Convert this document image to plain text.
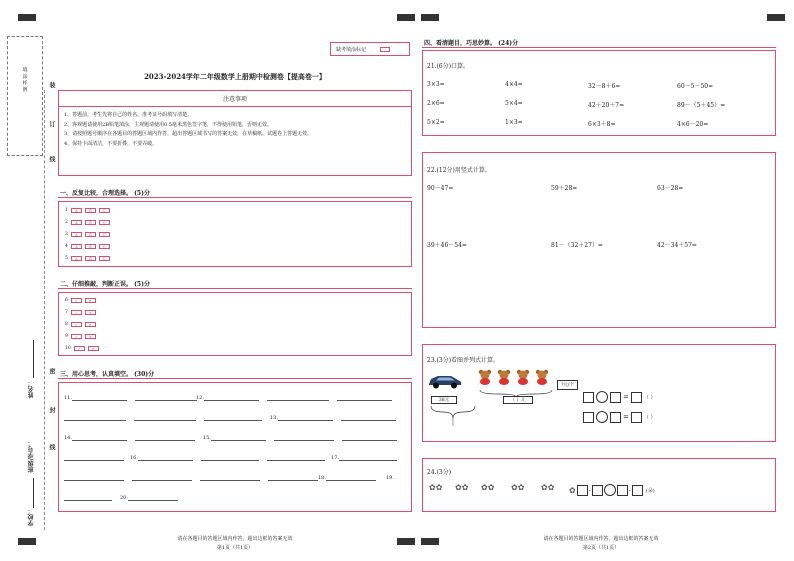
填 涂 样 例	装
订
线
密
封
线
姓名：
班级/学号：
学校：
缺考填涂标记
2023-2024学年二年级数学上册期中检测卷【提高卷一】
注意事项
1、答题前，考生先将自己的姓名、准考证号码填写清楚。
2、客观题请使用2B铅笔填涂，主观题请使用0.5毫米黑色签字笔，不得使用铅笔，否则无效。
3、请按照题号顺序在各题目的答题区域内作答，超出答题区域书写的答案无效，在草稿纸、试题卷上答题无效。
4、保持卡面清洁，不要折叠，不要弄破。
一、反复比较，合理选择。 (5)分
1	A	B	C
2	A	B	C
3	A	B	C
4	A	B	C
5	A	B	C
二、仔细推敲，判断正误。 (5)分
6	✓	✕
7	✓	✕
8	✓	✕
9	✓	✕
10	✓	✕
三、用心思考，认真填空。 (30)分
11.	12.
13.
14.	15.
16.	17.
18.	19.
20.
请在各题目的答题区域内作答，超出边框的答案无效
第1页（共1页）
四、看清题目，巧思妙算。 (24)分
21.(6分)口算。
3×3=	4×4=	32－8＋6=	60－5－50=
2×6=	5×4=	42＋20＋7=	89－（5＋45）=
5×2=	1×3=	6×3＋8=	4×6－20=
22.(12分)用竖式计算。
90－47=	59＋28=	63－28=
39＋46－54=	81－（32＋27）=	42－34＋57=
23.(3分)看图并列式计算。
38元
?元/个
（ ）元	=	（ ）
=	（ ）
24.(3分)
✿✿ ✿✿ ✿✿ ✿✿ ✿✿ ✿ -	-	(朵)
请在各题目的答题区域内作答，超出边框的答案无效
第2页（共1页）
